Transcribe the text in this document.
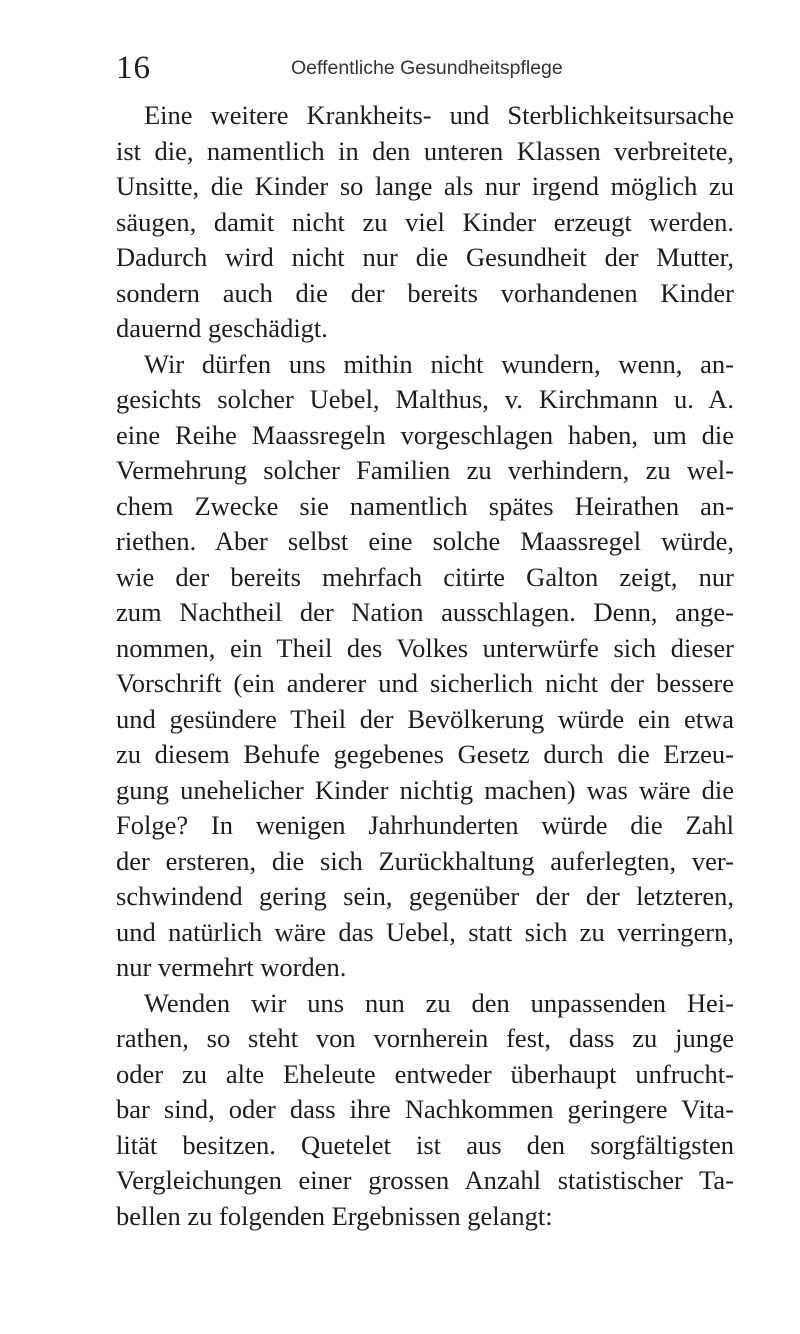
16	Oeffentliche Gesundheitspflege
Eine weitere Krankheits- und Sterblichkeitsursache
ist die, namentlich in den unteren Klassen verbreitete,
Unsitte, die Kinder so lange als nur irgend möglich zu
säugen, damit nicht zu viel Kinder erzeugt werden.
Dadurch wird nicht nur die Gesundheit der Mutter,
sondern auch die der bereits vorhandenen Kinder
dauernd geschädigt.
Wir dürfen uns mithin nicht wundern, wenn, an-
gesichts solcher Uebel, Malthus, v. Kirchmann u. A.
eine Reihe Maassregeln vorgeschlagen haben, um die
Vermehrung solcher Familien zu verhindern, zu wel-
chem Zwecke sie namentlich spätes Heirathen an-
riethen. Aber selbst eine solche Maassregel würde,
wie der bereits mehrfach citirte Galton zeigt, nur
zum Nachtheil der Nation ausschlagen. Denn, ange-
nommen, ein Theil des Volkes unterwürfe sich dieser
Vorschrift (ein anderer und sicherlich nicht der bessere
und gesündere Theil der Bevölkerung würde ein etwa
zu diesem Behufe gegebenes Gesetz durch die Erzeu-
gung unehelicher Kinder nichtig machen) was wäre die
Folge? In wenigen Jahrhunderten würde die Zahl
der ersteren, die sich Zurückhaltung auferlegten, ver-
schwindend gering sein, gegenüber der der letzteren,
und natürlich wäre das Uebel, statt sich zu verringern,
nur vermehrt worden.
Wenden wir uns nun zu den unpassenden Hei-
rathen, so steht von vornherein fest, dass zu junge
oder zu alte Eheleute entweder überhaupt unfrucht-
bar sind, oder dass ihre Nachkommen geringere Vita-
lität besitzen. Quetelet ist aus den sorgfältigsten
Vergleichungen einer grossen Anzahl statistischer Ta-
bellen zu folgenden Ergebnissen gelangt:
